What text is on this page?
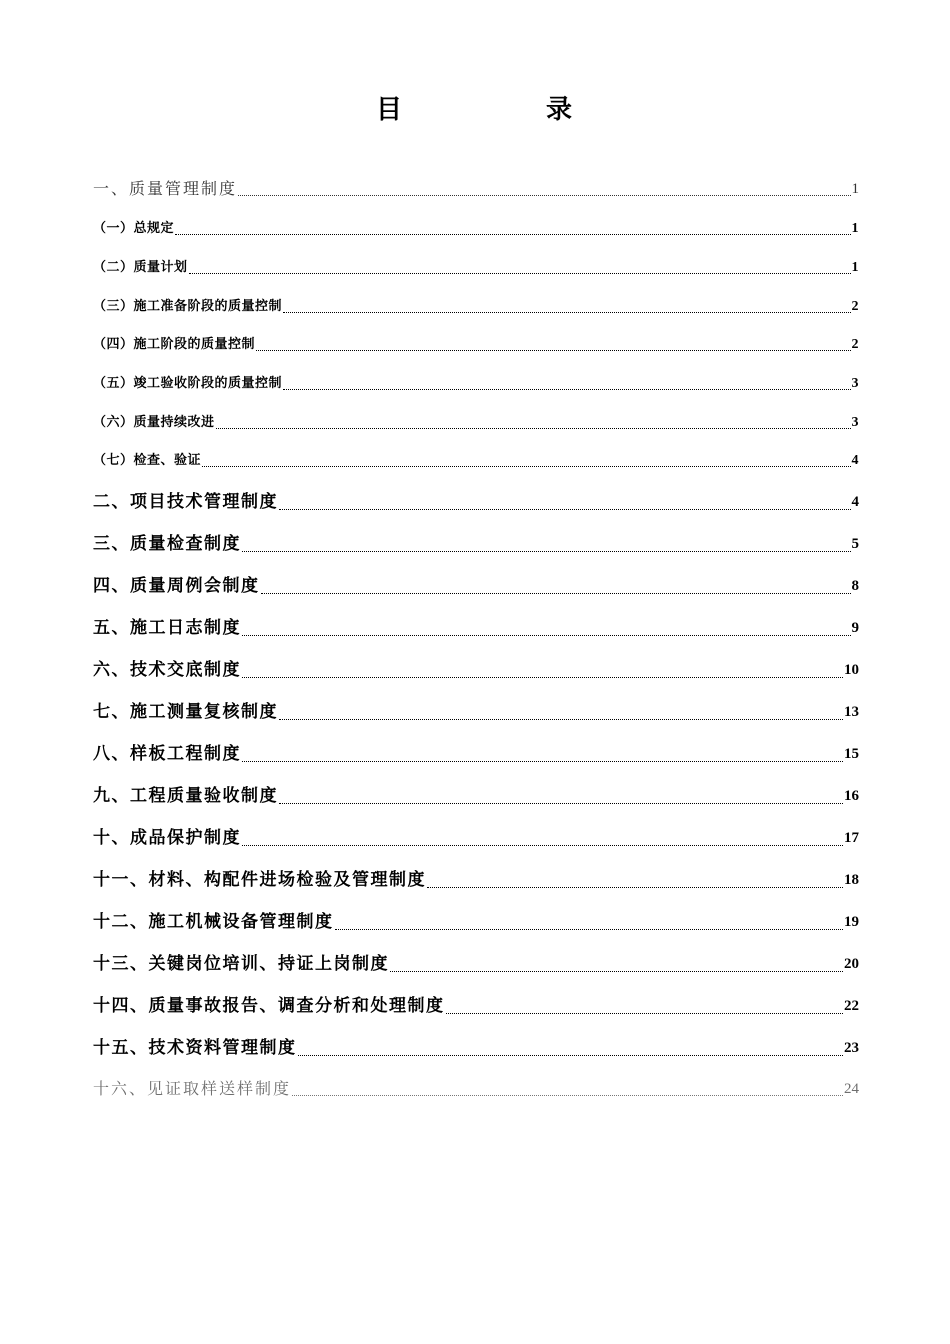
目	录
一、质量管理制度	1
（一）总规定	1
（二）质量计划	1
（三）施工准备阶段的质量控制	2
（四）施工阶段的质量控制	2
（五）竣工验收阶段的质量控制	3
（六）质量持续改进	3
（七）检查、验证	4
二、项目技术管理制度	4
三、质量检查制度	5
四、质量周例会制度	8
五、施工日志制度	9
六、技术交底制度	10
七、施工测量复核制度	13
八、样板工程制度	15
九、工程质量验收制度	16
十、成品保护制度	17
十一、材料、构配件进场检验及管理制度	18
十二、施工机械设备管理制度	19
十三、关键岗位培训、持证上岗制度	20
十四、质量事故报告、调查分析和处理制度	22
十五、技术资料管理制度	23
十六、见证取样送样制度	24
